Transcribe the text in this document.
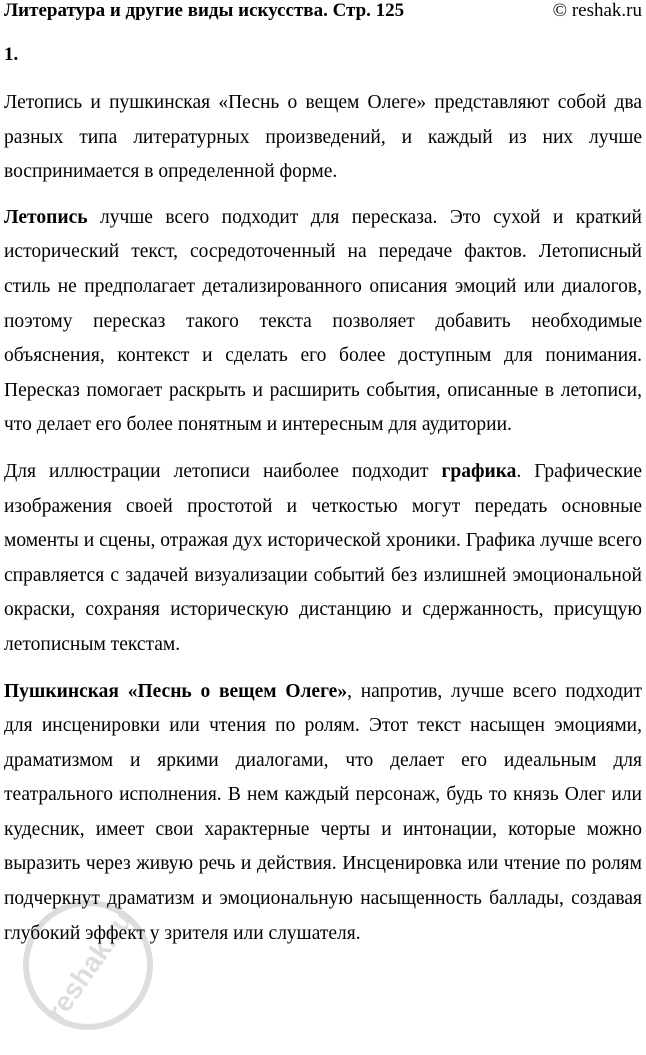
Литература и другие виды искусства. Стр. 125	© reshak.ru
1.

Летопись и пушкинская «Песнь о вещем Олеге» представляют собой два разных типа литературных произведений, и каждый из них лучше воспринимается в определенной форме.

Летопись лучше всего подходит для пересказа. Это сухой и краткий исторический текст, сосредоточенный на передаче фактов. Летописный стиль не предполагает детализированного описания эмоций или диалогов, поэтому пересказ такого текста позволяет добавить необходимые объяснения, контекст и сделать его более доступным для понимания. Пересказ помогает раскрыть и расширить события, описанные в летописи, что делает его более понятным и интересным для аудитории.

Для иллюстрации летописи наиболее подходит графика. Графические изображения своей простотой и четкостью могут передать основные моменты и сцены, отражая дух исторической хроники. Графика лучше всего справляется с задачей визуализации событий без излишней эмоциональной окраски, сохраняя историческую дистанцию и сдержанность, присущую летописным текстам.

Пушкинская «Песнь о вещем Олеге», напротив, лучше всего подходит для инсценировки или чтения по ролям. Этот текст насыщен эмоциями, драматизмом и яркими диалогами, что делает его идеальным для театрального исполнения. В нем каждый персонаж, будь то князь Олег или кудесник, имеет свои характерные черты и интонации, которые можно выразить через живую речь и действия. Инсценировка или чтение по ролям подчеркнут драматизм и эмоциональную насыщенность баллады, создавая глубокий эффект у зрителя или слушателя.

reshak.ru
